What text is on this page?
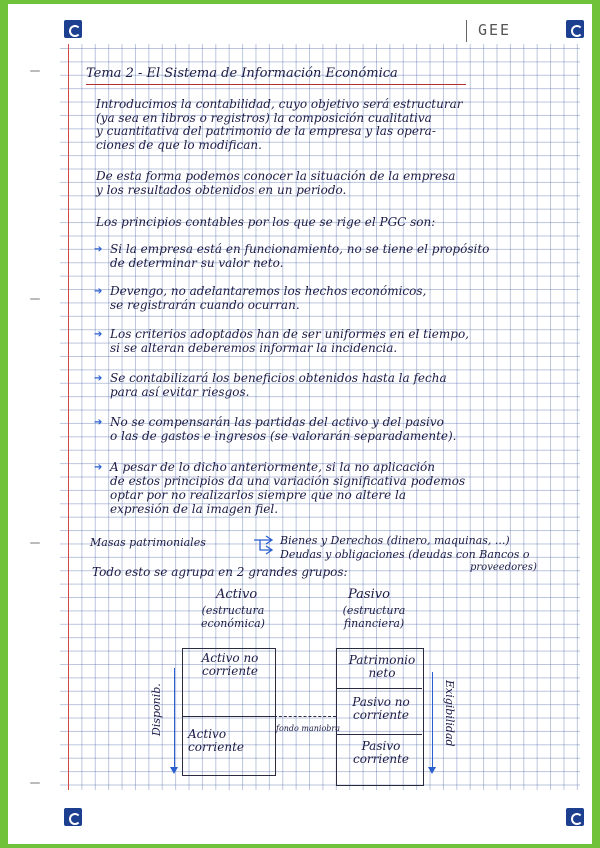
GEE
Tema 2 - El Sistema de Información Económica
Introducimos la contabilidad, cuyo objetivo será estructurar
(ya sea en libros o registros) la composición cualitativa
y cuantitativa del patrimonio de la empresa y las opera-
ciones de que lo modifican.
De esta forma podemos conocer la situación de la empresa
y los resultados obtenidos en un periodo.
Los principios contables por los que se rige el PGC son:
➔ Si la empresa está en funcionamiento, no se tiene el propósito
de determinar su valor neto.
➔ Devengo, no adelantaremos los hechos económicos,
se registrarán cuando ocurran.
➔ Los criterios adoptados han de ser uniformes en el tiempo,
si se alteran deberemos informar la incidencia.
➔ Se contabilizará los beneficios obtenidos hasta la fecha
para así evitar riesgos.
➔ No se compensarán las partidas del activo y del pasivo
o las de gastos e ingresos (se valorarán separadamente).
➔ A pesar de lo dicho anteriormente, si la no aplicación
de estos principios da una variación significativa podemos
optar por no realizarlos siempre que no altere la
expresión de la imagen fiel.
Masas patrimoniales	Bienes y Derechos (dinero, maquinas, ...)
Deudas y obligaciones (deudas con Bancos o
proveedores)
Todo esto se agrupa en 2 grandes grupos:
Activo
(estructura económica)
Pasivo
(estructura financiera)
Activo no corriente
Activo corriente
Patrimonio neto
Pasivo no corriente
Pasivo corriente
fondo maniobra
Disponib.	Exigibilidad
